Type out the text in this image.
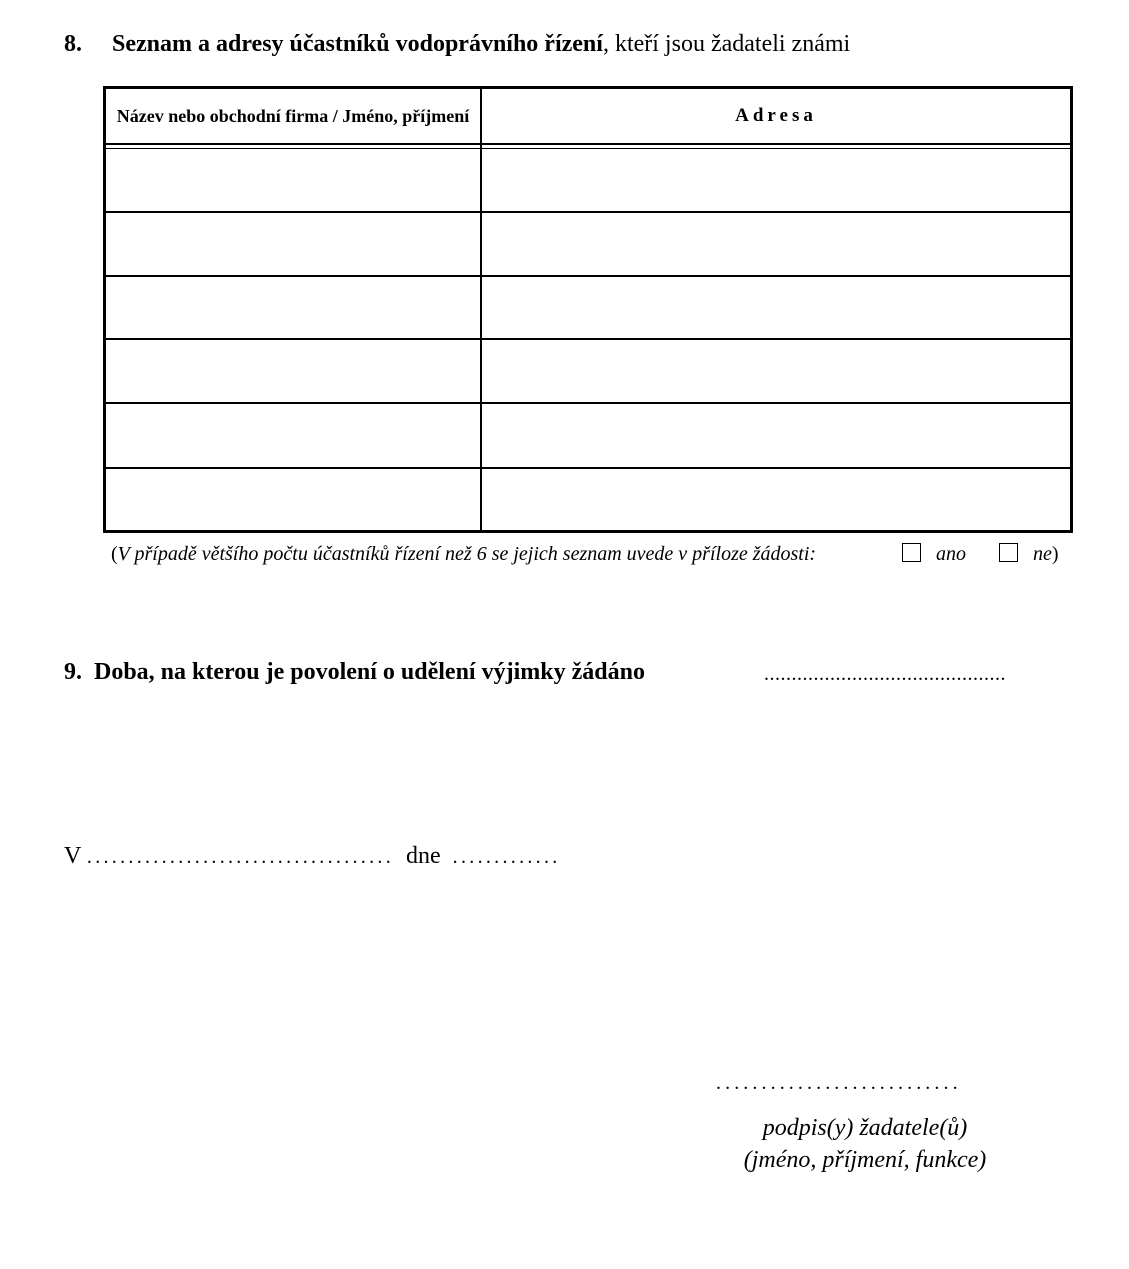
8. Seznam a adresy účastníků vodoprávního řízení, kteří jsou žadateli známi
Název nebo obchodní firma / Jméno, příjmení	Adresa
(V případě většího počtu účastníků řízení než 6 se jejich seznam uvede v příloze žádosti:	ano	ne)
9. Doba, na kterou je povolení o udělení výjimky žádáno	............................................
V ..................................... dne .............
...........................
podpis(y) žadatele(ů)
(jméno, příjmení, funkce)
